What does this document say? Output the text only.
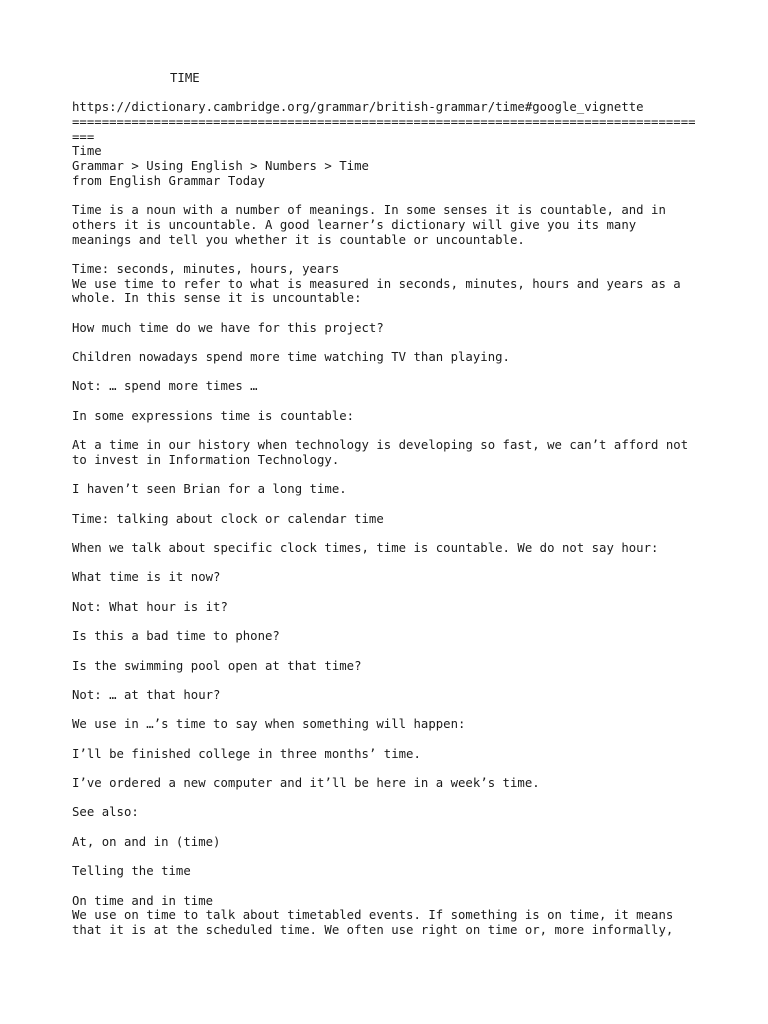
TIME
https://dictionary.cambridge.org/grammar/british-grammar/time#google_vignette
====================================================================================
===
Time
Grammar > Using English > Numbers > Time
from English Grammar Today
Time is a noun with a number of meanings. In some senses it is countable, and in
others it is uncountable. A good learner’s dictionary will give you its many
meanings and tell you whether it is countable or uncountable.
Time: seconds, minutes, hours, years
We use time to refer to what is measured in seconds, minutes, hours and years as a
whole. In this sense it is uncountable:
How much time do we have for this project?
Children nowadays spend more time watching TV than playing.
Not: … spend more times …
In some expressions time is countable:
At a time in our history when technology is developing so fast, we can’t afford not
to invest in Information Technology.
I haven’t seen Brian for a long time.
Time: talking about clock or calendar time
When we talk about specific clock times, time is countable. We do not say hour:
What time is it now?
Not: What hour is it?
Is this a bad time to phone?
Is the swimming pool open at that time?
Not: … at that hour?
We use in …’s time to say when something will happen:
I’ll be finished college in three months’ time.
I’ve ordered a new computer and it’ll be here in a week’s time.
See also:
At, on and in (time)
Telling the time
On time and in time
We use on time to talk about timetabled events. If something is on time, it means
that it is at the scheduled time. We often use right on time or, more informally,
